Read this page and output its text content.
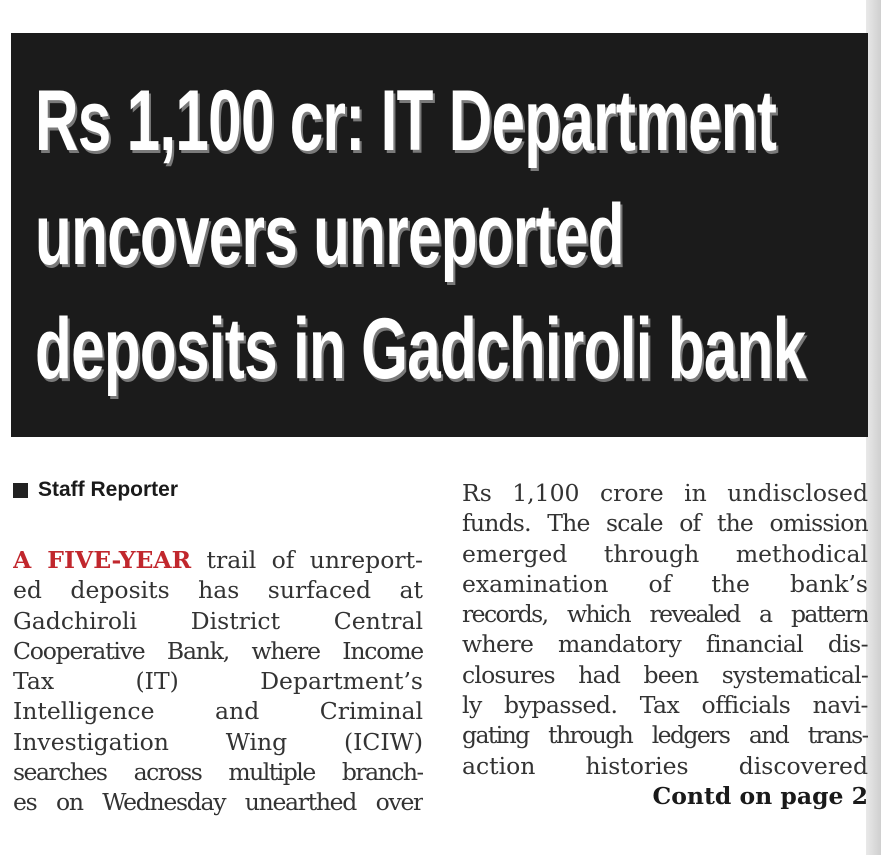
Rs 1,100 cr: IT Department
uncovers unreported
deposits in Gadchiroli bank
Staff Reporter
A FIVE-YEAR trail of unreport-
ed deposits has surfaced at
Gadchiroli District Central
Cooperative Bank, where Income
Tax (IT) Department’s
Intelligence and Criminal
Investigation Wing (ICIW)
searches across multiple branch-
es on Wednesday unearthed over
Rs 1,100 crore in undisclosed
funds. The scale of the omission
emerged through methodical
examination of the bank’s
records, which revealed a pattern
where mandatory financial dis-
closures had been systematical-
ly bypassed. Tax officials navi-
gating through ledgers and trans-
action histories discovered
Contd on page 2
